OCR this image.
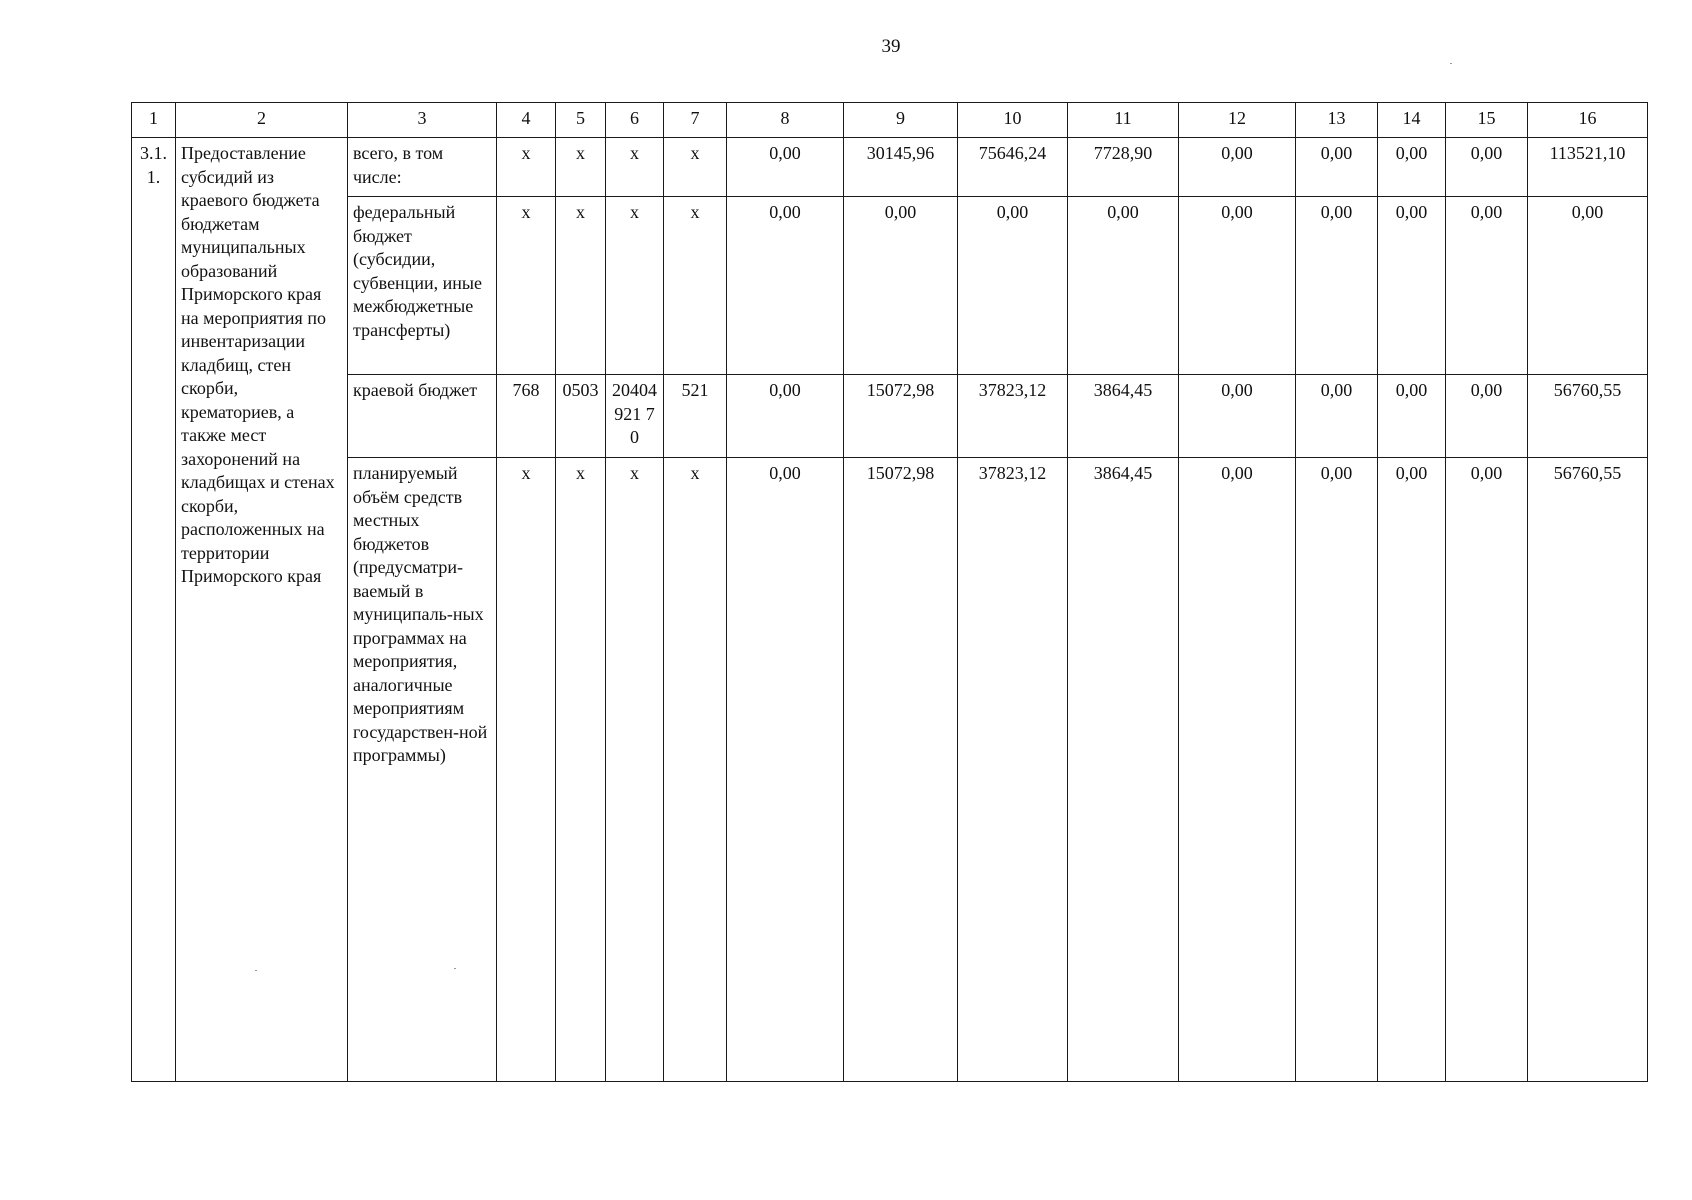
39
1	2	3	4	5	6	7	8	9	10	11	12	13	14	15	16
3.1.1.	Предоставление субсидий из краевого бюджета бюджетам муниципальных образований Приморского края на мероприятия по инвентаризации кладбищ, стен скорби, крематориев, а также мест захоронений на кладбищах и стенах скорби, расположенных на территории Приморского края	всего, в том числе:	х	х	х	х	0,00	30145,96	75646,24	7728,90	0,00	0,00	0,00	0,00	113521,10
		федеральный бюджет (субсидии, субвенции, иные межбюджетные трансферты)	х	х	х	х	0,00	0,00	0,00	0,00	0,00	0,00	0,00	0,00	0,00
		краевой бюджет	768	0503	20404921 70	521	0,00	15072,98	37823,12	3864,45	0,00	0,00	0,00	0,00	56760,55
		планируемый объём средств местных бюджетов (предусматри-ваемый в муниципаль-ных программах на мероприятия, аналогичные мероприятиям государствен-ной программы)	х	х	х	х	0,00	15072,98	37823,12	3864,45	0,00	0,00	0,00	0,00	56760,55
